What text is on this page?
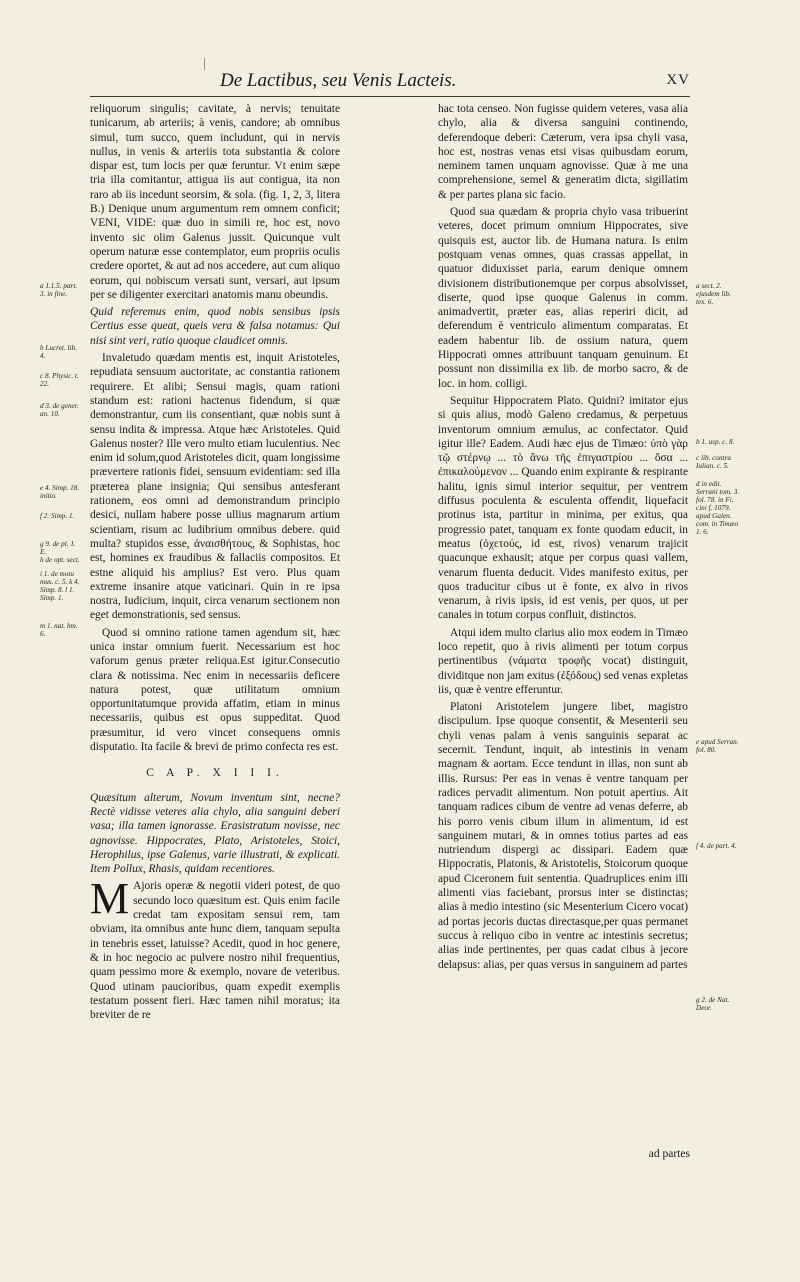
De Lactibus, seu Venis Lacteis.	XV
a 1.1.5. part. 3. in fine.
b Lucret. lib. 4.
c 8. Physic. t. 22.
d 3. de gener. an. 10.
e 4. Simp. 18. initio.
f 2. Simp. 1.
g 9. de pl. 1. E.
h de opt. sect.
i 1. de motu mus. c. 5. k 4. Simp. 8. l 1. Simp. 1.
m 1. nat. hm. 6.
a sect. 2. ejusdem lib. tex. 6.
b 1. usp. c. 8.
c lib. contra Iulian. c. 5.
d in edit. Serrani tom. 3. fol. 78. in Fi. cini f. 1079. apud Galen. com. in Timæo 1. 6.
e apud Serran. fol. 80.
f 4. de part. 4.
g 2. de Nat. Deor.

reliquorum singulis; cavitate, à nervis; tenuitate tunicarum, ab arteriis; à venis, candore; ab omnibus simul, tum succo, quem includunt, qui in nervis nullus, in venis & arteriis tota substantia & colore dispar est, tum locis per quæ feruntur. Vt enim sæpe tria illa comitantur, attigua iis aut contigua, ita non raro ab iis incedunt seorsim, & sola. (fig. 1, 2, 3, litera B.) Denique unum argumentum rem omnem conficit; VENI, VIDE: quæ duo in simili re, hoc est, novo invento sic olim Galenus jussit. Quicunque vult operum naturæ esse contemplator, eum propriis oculis credere oportet, & aut ad nos accedere, aut cum aliquo eorum, qui nobiscum versati sunt, versari, aut ipsum per se diligenter exercitari anatomis manu obeundis.

Quid referemus enim, quod nobis sensibus ipsis Certius esse queat, queis vera & falsa notamus: Qui nisi sint veri, ratio quoque claudicet omnis.

Invaletudo quædam mentis est, inquit Aristoteles, repudiata sensuum auctoritate, ac constantia rationem requirere. Et alibi; Sensui magis, quam rationi standum est: rationi hactenus fidendum, si quæ demonstrantur, cum iis consentiant, quæ nobis sunt à sensu indita & impressa. Atque hæc Aristoteles. Quid Galenus noster? Ille vero multo etiam luculentius. Nec enim id solum,quod Aristoteles dicit, quam longissime prævertere rationis fidei, sensuum evidentiam: sed illa præterea plane insignia; Qui sensibus antesferant rationem, eos omni ad demonstrandum principio desici, nullam habere posse ullius magnarum artium scientiam, risum ac ludibrium omnibus debere. quid multa? stupidos esse, ἀναισθήτους, & Sophistas, hoc est, homines ex fraudibus & fallaciis compositos. Et estne aliquid his amplius? Est vero. Plus quam extreme insanire atque vaticinari. Quin in re ipsa nostra, Iudicium, inquit, circa venarum sectionem non eget demonstrationis, sed sensus.

Quod si omnino ratione tamen agendum sit, hæc unica instar omnium fuerit. Necessarium est hoc vaforum genus præter reliqua.Est igitur.Consecutio clara & notissima. Nec enim in necessariis deficere natura potest, quæ utilitatum omnium opportunitatumque provida affatim, etiam in minus necessariis, quibus est opus suppeditat. Quod præsumitur, id vero vincet consequens omnis disputatio. Ita facile & brevi de primo confecta res est.

C A P. X I I I.

Quæsitum alterum, Novum inventum sint, necne? Rectè vidisse veteres alia chylo, alia sanguini deberi vasa; illa tamen ignorasse. Erasistratum novisse, nec agnovisse. Hippocrates, Plato, Aristoteles, Stoici, Herophilus, ipse Galenus, varie illustrati, & explicati. Item Pollux, Rhasis, quidam recentiores.

M Ajoris operæ & negotii videri potest, de quo secundo loco quæsitum est. Quis enim facile credat tam expositam sensui rem, tam obviam, ita omnibus ante hunc diem, tanquam sepulta in tenebris esset, latuisse? Acedit, quod in hoc genere, & in hoc negocio ac pulvere nostro nihil frequentius, quam pessimo more & exemplo, novare de veteribus. Quod utinam paucioribus, quam expedit exemplis testatum possent fieri. Hæc tamen nihil moratus; ita breviter de re

hac tota censeo. Non fugisse quidem veteres, vasa alia chylo, alia & diversa sanguini continendo, deferendoque deberi: Cæterum, vera ipsa chyli vasa, hoc est, nostras venas etsi visas quibusdam eorum, neminem tamen unquam agnovisse. Quæ à me una comprehensione, semel & generatim dicta, sigillatim & per partes plana sic facio.

Quod sua quædam & propria chylo vasa tribuerint veteres, docet primum omnium Hippocrates, sive quisquis est, auctor lib. de Humana natura. Is enim postquam venas omnes, quas crassas appellat, in quatuor diduxisset paria, earum denique omnem divisionem distributionemque per corpus absolvisset, diserte, quod ipse quoque Galenus in comm. animadvertit, præter eas, alias reperiri dicit, ad deferendum è ventriculo alimentum comparatas. Et eadem habentur lib. de ossium natura, quem Hippocrati omnes attribuunt tanquam genuinum. Et possunt non dissimilia ex lib. de morbo sacro, & de loc. in hom. colligi.

Sequitur Hippocratem Plato. Quidni? imitator ejus si quis alius, modò Galeno credamus, & perpetuus inventorum omnium æmulus, ac confectator. Quid igitur ille? Eadem. Audi hæc ejus de Timæo: ὑπὸ γὰρ τῷ στέρνῳ ... τὸ ἄνω τῆς ἐπιγαστρίου ... ὅσα ... ἐπικαλούμενον ... Quando enim expirante & respirante halitu, ignis simul interior sequitur, per ventrem diffusus poculenta & esculenta offendit, liquefacit protinus ista, partitur in minima, per exitus, qua progressio patet, tanquam ex fonte quodam educit, in meatus (ὀχετούς, id est, rivos) venarum trajicit quacunque exhausit; atque per corpus quasi vallem, venarum fluenta deducit. Vides manifesto exitus, per quos traducitur cibus ut è fonte, ex alvo in rivos venarum, à rivis ipsis, id est venis, per quos, ut per canales in totum corpus confluit, distinctos.

Atqui idem multo clarius alio mox eodem in Timæo loco repetit, quo à rivis alimenti per totum corpus pertinentibus (νάματα τροφῆς vocat) distinguit, dividitque non jam exitus (ἐξόδους) sed venas expletas iis, quæ è ventre efferuntur.

Platoni Aristotelem jungere libet, magistro discipulum. Ipse quoque consentit, & Mesenterii seu chyli venas palam à venis sanguinis separat ac secernit. Tendunt, inquit, ab intestinis in venam magnam & aortam. Ecce tendunt in illas, non sunt ab illis. Rursus: Per eas in venas è ventre tanquam per radices pervadit alimentum. Non potuit apertius. Ait tanquam radices cibum de ventre ad venas deferre, ab his porro venis cibum illum in alimentum, id est sanguinem mutari, & in omnes totius partes ad eas nutriendum dispergi ac dissipari. Eadem quæ Hippocratis, Platonis, & Aristotelis, Stoicorum quoque apud Ciceronem fuit sententia. Quadruplices enim illi alimenti vias faciebant, prorsus inter se distinctas; alias à medio intestino (sic Mesenterium Cicero vocat) ad portas jecoris ductas directasque,per quas permanet succus à reliquo cibo in ventre ac intestinis secretus; alias inde pertinentes, per quas cadat cibus à jecore delapsus: alias, per quas versus in sanguinem ad partes

ad partes
